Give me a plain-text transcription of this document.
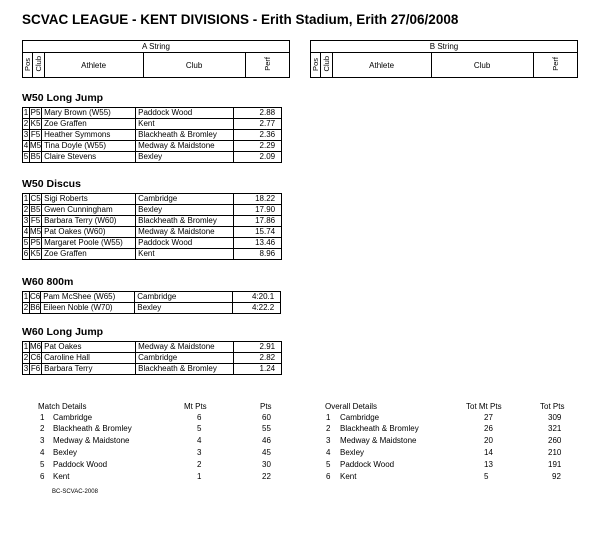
SCVAC LEAGUE - KENT DIVISIONS - Erith Stadium, Erith 27/06/2008
A String
Pos	Club	Athlete	Club	Perf
B String
Pos	Club	Athlete	Club	Perf
W50 Long Jump
1	P5	Mary Brown (W55)	Paddock Wood	2.88
2	K5	Zoe Graffen	Kent	2.77
3	F5	Heather Symmons	Blackheath & Bromley	2.36
4	M5	Tina Doyle (W55)	Medway & Maidstone	2.29
5	B5	Claire Stevens	Bexley	2.09
W50 Discus
1	C5	Sigi Roberts	Cambridge	18.22
2	B5	Gwen Cunningham	Bexley	17.90
3	F5	Barbara Terry (W60)	Blackheath & Bromley	17.86
4	M5	Pat Oakes (W60)	Medway & Maidstone	15.74
5	P5	Margaret Poole (W55)	Paddock Wood	13.46
6	K5	Zoe Graffen	Kent	8.96
W60 800m
1	C6	Pam McShee (W65)	Cambridge	4:20.1
2	B6	Eileen Noble (W70)	Bexley	4:22.2
W60 Long Jump
1	M6	Pat Oakes	Medway & Maidstone	2.91
2	C6	Caroline Hall	Cambridge	2.82
3	F6	Barbara Terry	Blackheath & Bromley	1.24
Match Details	Mt Pts	Pts
1 Cambridge	6	60
2 Blackheath & Bromley	5	55
3 Medway & Maidstone	4	46
4 Bexley	3	45
5 Paddock Wood	2	30
6 Kent	1	22
Overall Details	Tot Mt Pts	Tot Pts
1 Cambridge	27	309
2 Blackheath & Bromley	26	321
3 Medway & Maidstone	20	260
4 Bexley	14	210
5 Paddock Wood	13	191
6 Kent	5	92
BC-SCVAC-2008
